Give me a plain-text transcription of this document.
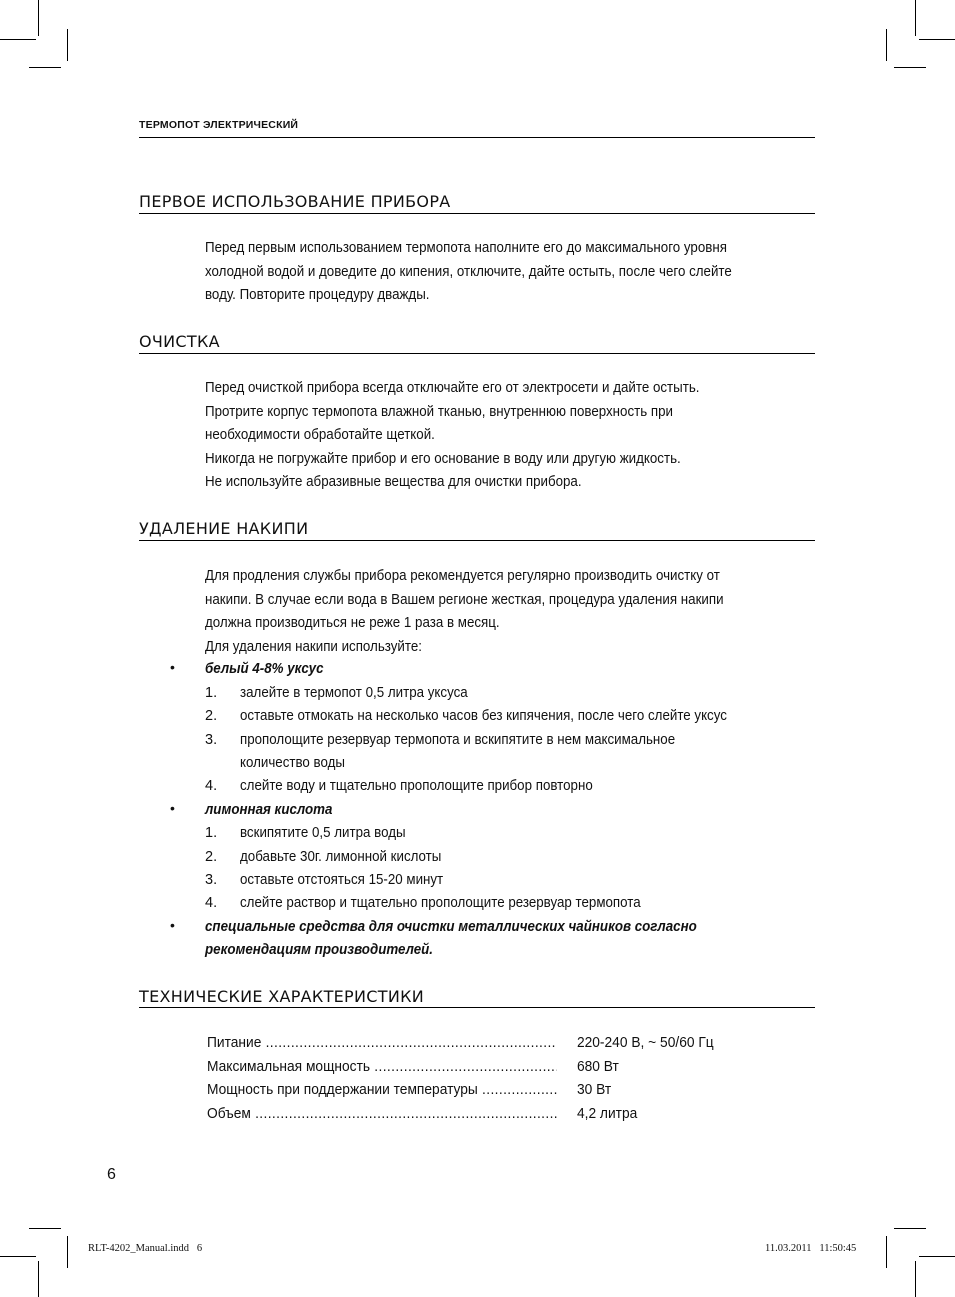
ТЕРМОПОТ ЭЛЕКТРИЧЕСКИЙ
ПЕРВОЕ ИСПОЛЬЗОВАНИЕ ПРИБОРА
Перед первым использованием термопота наполните его до максимального уровня
холодной водой и доведите до кипения, отключите, дайте остыть, после чего слейте
воду. Повторите процедуру дважды.
ОЧИСТКА
Перед очисткой прибора всегда отключайте его от электросети и дайте остыть.
Протрите корпус термопота влажной тканью, внутреннюю поверхность при
необходимости обработайте щеткой.
Никогда не погружайте прибор и его основание в воду или другую жидкость.
Не используйте абразивные вещества для очистки прибора.
УДАЛЕНИЕ НАКИПИ
Для продления службы прибора рекомендуется регулярно производить очистку от
накипи. В случае если вода в Вашем регионе жесткая, процедура удаления накипи
должна производиться не реже 1 раза в месяц.
Для удаления накипи используйте:
• белый 4-8% уксус
1. залейте в термопот 0,5 литра уксуса
2. оставьте отмокать на несколько часов без кипячения, после чего слейте уксус
3. прополощите резервуар термопота и вскипятите в нем максимальное
количество воды
4. слейте воду и тщательно прополощите прибор повторно
• лимонная кислота
1. вскипятите 0,5 литра воды
2. добавьте 30г. лимонной кислоты
3. оставьте отстояться 15-20 минут
4. слейте раствор и тщательно прополощите резервуар термопота
• специальные средства для очистки металлических чайников согласно
рекомендациям производителей.
ТЕХНИЧЕСКИЕ ХАРАКТЕРИСТИКИ
Питание .....	220-240 В, ~ 50/60 Гц
Максимальная мощность .....	680 Вт
Мощность при поддержании температуры .....	30 Вт
Объем .....	4,2 литра
6
RLT-4202_Manual.indd   6	11.03.2011   11:50:45
